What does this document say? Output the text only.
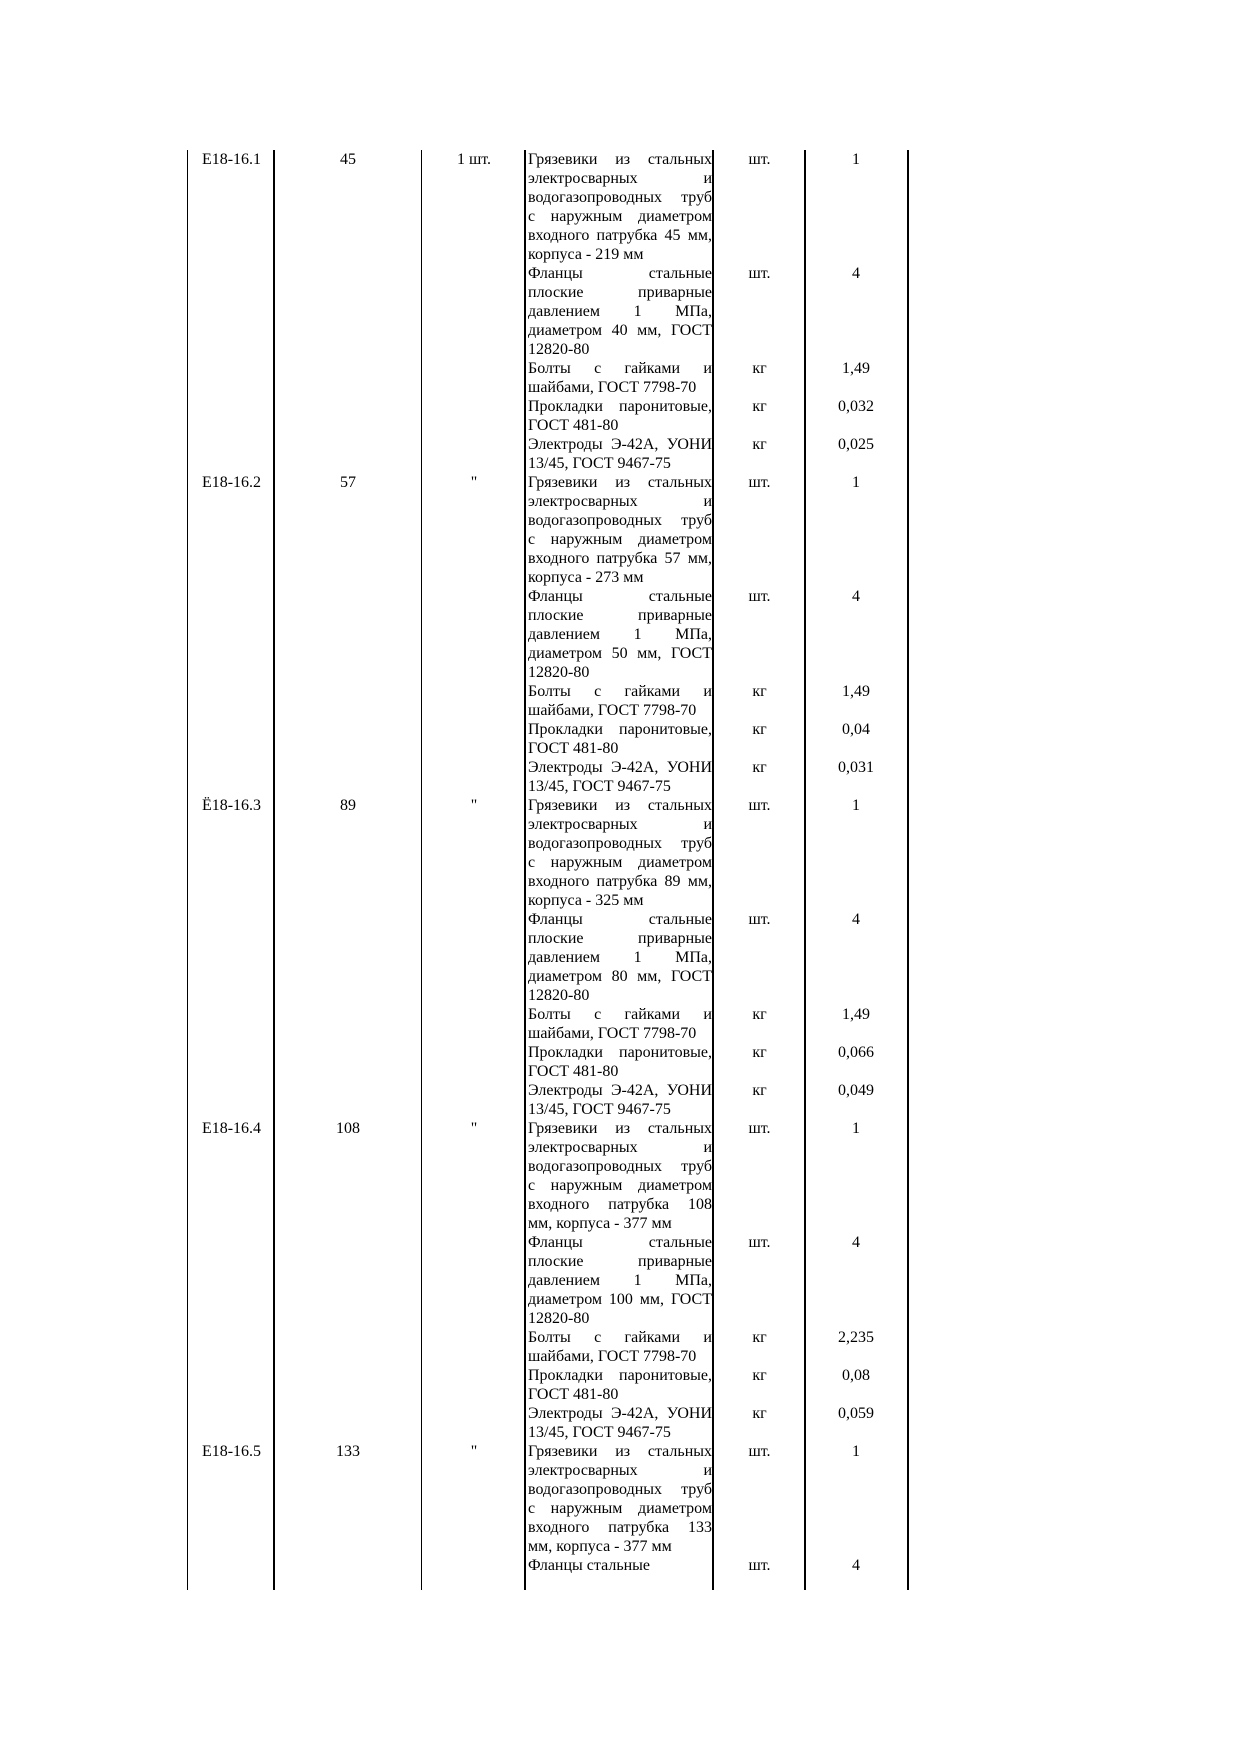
Е18-16.1	45	1 шт.	Грязевики из стальных
электросварных и
водогазопроводных труб
с наружным диаметром
входного патрубка 45 мм,
корпуса - 219 мм
шт.	1
Фланцы стальные
плоские приварные
давлением 1 МПа,
диаметром 40 мм, ГОСТ
12820-80
шт.	4
Болты с гайками и
шайбами, ГОСТ 7798-70
кг	1,49
Прокладки паронитовые,
ГОСТ 481-80
кг	0,032
Электроды Э-42А, УОНИ
13/45, ГОСТ 9467-75
кг	0,025
Е18-16.2	57	"	Грязевики из стальных
электросварных и
водогазопроводных труб
с наружным диаметром
входного патрубка 57 мм,
корпуса - 273 мм
шт.	1
Фланцы стальные
плоские приварные
давлением 1 МПа,
диаметром 50 мм, ГОСТ
12820-80
шт.	4
Болты с гайками и
шайбами, ГОСТ 7798-70
кг	1,49
Прокладки паронитовые,
ГОСТ 481-80
кг	0,04
Электроды Э-42А, УОНИ
13/45, ГОСТ 9467-75
кг	0,031
Ё18-16.3	89	"	Грязевики из стальных
электросварных и
водогазопроводных труб
с наружным диаметром
входного патрубка 89 мм,
корпуса - 325 мм
шт.	1
Фланцы стальные
плоские приварные
давлением 1 МПа,
диаметром 80 мм, ГОСТ
12820-80
шт.	4
Болты с гайками и
шайбами, ГОСТ 7798-70
кг	1,49
Прокладки паронитовые,
ГОСТ 481-80
кг	0,066
Электроды Э-42А, УОНИ
13/45, ГОСТ 9467-75
кг	0,049
Е18-16.4	108	"	Грязевики из стальных
электросварных и
водогазопроводных труб
с наружным диаметром
входного патрубка 108
мм, корпуса - 377 мм
шт.	1
Фланцы стальные
плоские приварные
давлением 1 МПа,
диаметром 100 мм, ГОСТ
12820-80
шт.	4
Болты с гайками и
шайбами, ГОСТ 7798-70
кг	2,235
Прокладки паронитовые,
ГОСТ 481-80
кг	0,08
Электроды Э-42А, УОНИ
13/45, ГОСТ 9467-75
кг	0,059
Е18-16.5	133	"	Грязевики из стальных
электросварных и
водогазопроводных труб
с наружным диаметром
входного патрубка 133
мм, корпуса - 377 мм
шт.	1
Фланцы стальные	шт.	4
